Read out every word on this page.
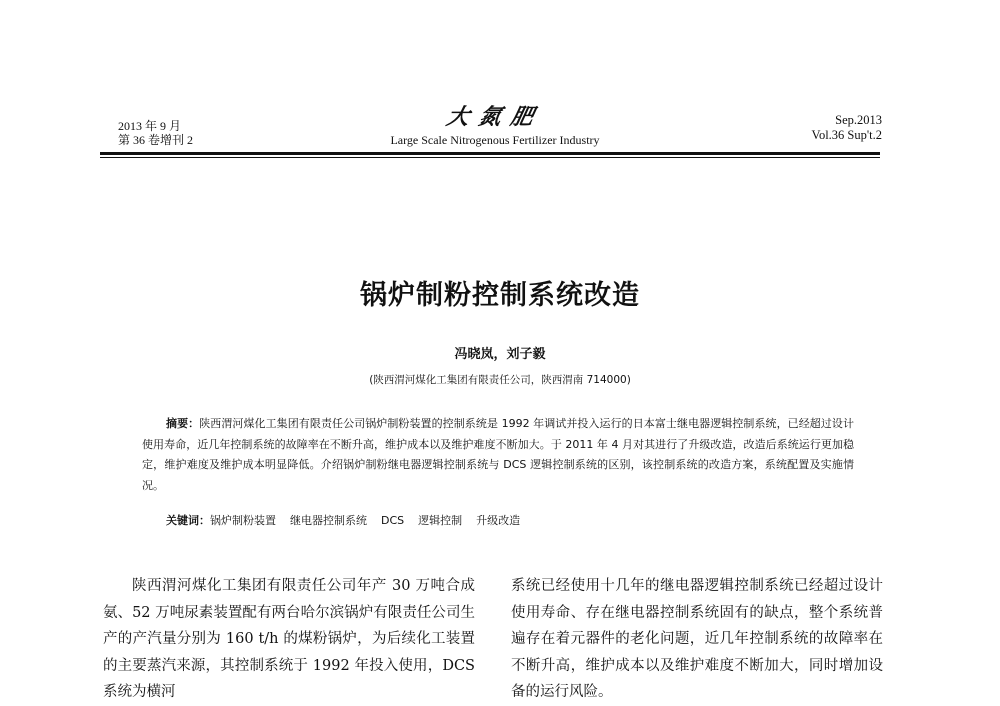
2013 年 9 月
第 36 卷增刊 2
大氮肥
Large Scale Nitrogenous Fertilizer Industry
Sep.2013
Vol.36 Sup't.2
锅炉制粉控制系统改造
冯晓岚，刘子毅
(陕西渭河煤化工集团有限责任公司，陕西渭南 714000)
摘要：陕西渭河煤化工集团有限责任公司锅炉制粉装置的控制系统是 1992 年调试并投入运行的日本富士继电器逻辑控制系统，已经超过设计使用寿命，近几年控制系统的故障率在不断升高，维护成本以及维护难度不断加大。于 2011 年 4 月对其进行了升级改造，改造后系统运行更加稳定，维护难度及维护成本明显降低。介绍锅炉制粉继电器逻辑控制系统与 DCS 逻辑控制系统的区别，该控制系统的改造方案，系统配置及实施情况。
关键词：锅炉制粉装置 继电器控制系统 DCS 逻辑控制 升级改造
陕西渭河煤化工集团有限责任公司年产 30 万吨合成氨、52 万吨尿素装置配有两台哈尔滨锅炉有限责任公司生产的产汽量分别为 160 t/h 的煤粉锅炉，为后续化工装置的主要蒸汽来源，其控制系统于 1992 年投入使用，DCS 系统为横河
系统已经使用十几年的继电器逻辑控制系统已经超过设计使用寿命、存在继电器控制系统固有的缺点，整个系统普遍存在着元器件的老化问题，近几年控制系统的故障率在不断升高，维护成本以及维护难度不断加大，同时增加设备的运行风险。
